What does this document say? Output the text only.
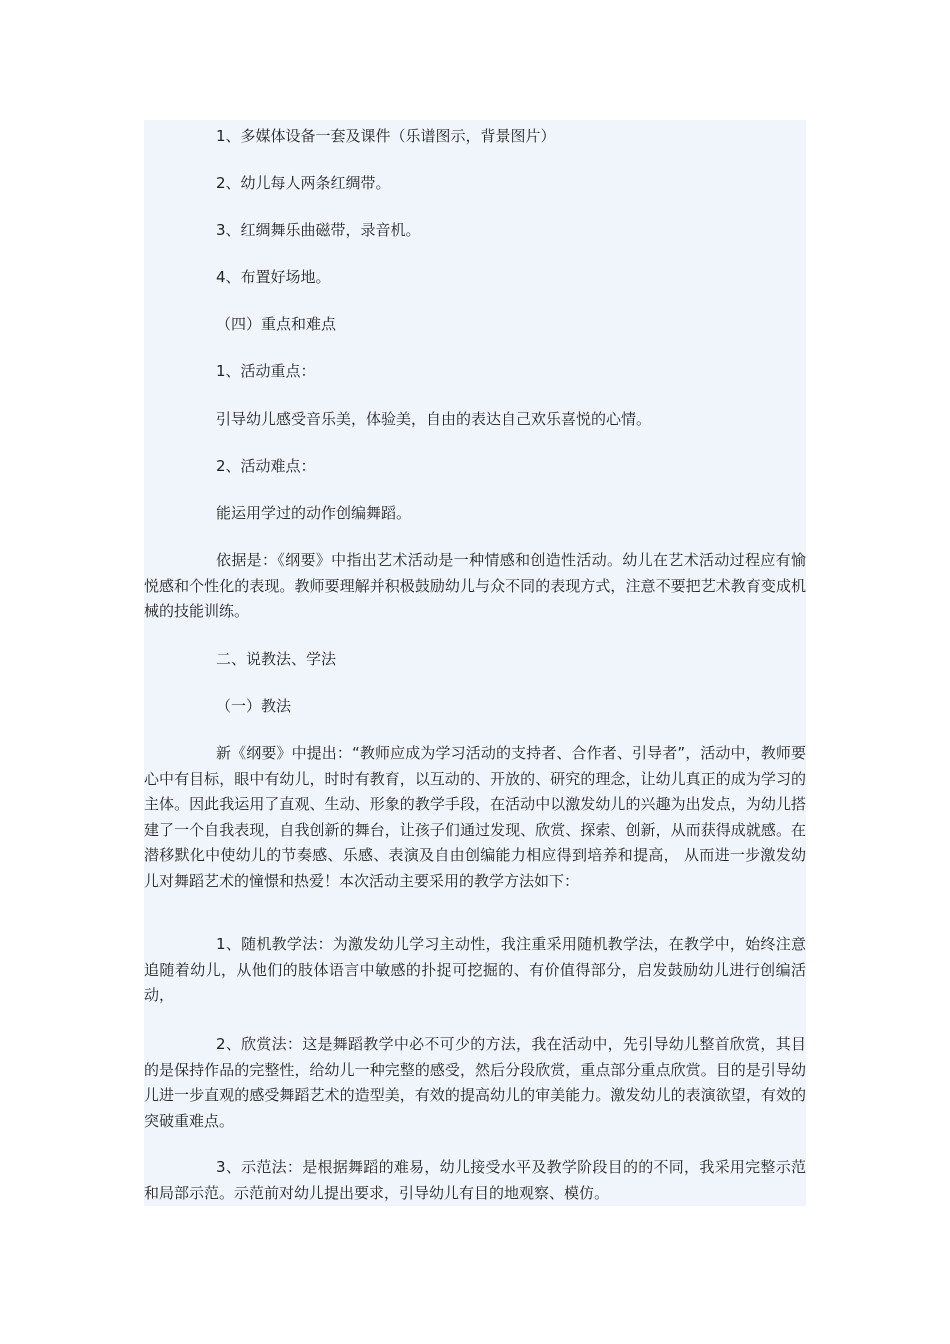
1、多媒体设备一套及课件（乐谱图示，背景图片）

2、幼儿每人两条红绸带。

3、红绸舞乐曲磁带，录音机。

4、布置好场地。

（四）重点和难点

1、活动重点：

引导幼儿感受音乐美，体验美，自由的表达自己欢乐喜悦的心情。

2、活动难点：

能运用学过的动作创编舞蹈。

依据是：《纲要》中指出艺术活动是一种情感和创造性活动。幼儿在艺术活动过程应有愉悦感和个性化的表现。教师要理解并积极鼓励幼儿与众不同的表现方式，注意不要把艺术教育变成机械的技能训练。

二、说教法、学法

（一）教法

新《纲要》中提出：“教师应成为学习活动的支持者、合作者、引导者”，活动中，教师要心中有目标，眼中有幼儿，时时有教育，以互动的、开放的、研究的理念，让幼儿真正的成为学习的主体。因此我运用了直观、生动、形象的教学手段，在活动中以激发幼儿的兴趣为出发点，为幼儿搭建了一个自我表现，自我创新的舞台，让孩子们通过发现、欣赏、探索、创新，从而获得成就感。在潜移默化中使幼儿的节奏感、乐感、表演及自由创编能力相应得到培养和提高， 从而进一步激发幼儿对舞蹈艺术的憧憬和热爱！本次活动主要采用的教学方法如下：

1、随机教学法：为激发幼儿学习主动性，我注重采用随机教学法，在教学中，始终注意追随着幼儿，从他们的肢体语言中敏感的扑捉可挖掘的、有价值得部分，启发鼓励幼儿进行创编活动，

2、欣赏法：这是舞蹈教学中必不可少的方法，我在活动中，先引导幼儿整首欣赏，其目的是保持作品的完整性，给幼儿一种完整的感受，然后分段欣赏，重点部分重点欣赏。目的是引导幼儿进一步直观的感受舞蹈艺术的造型美，有效的提高幼儿的审美能力。激发幼儿的表演欲望，有效的突破重难点。

3、示范法：是根据舞蹈的难易，幼儿接受水平及教学阶段目的的不同，我采用完整示范和局部示范。示范前对幼儿提出要求，引导幼儿有目的地观察、模仿。
